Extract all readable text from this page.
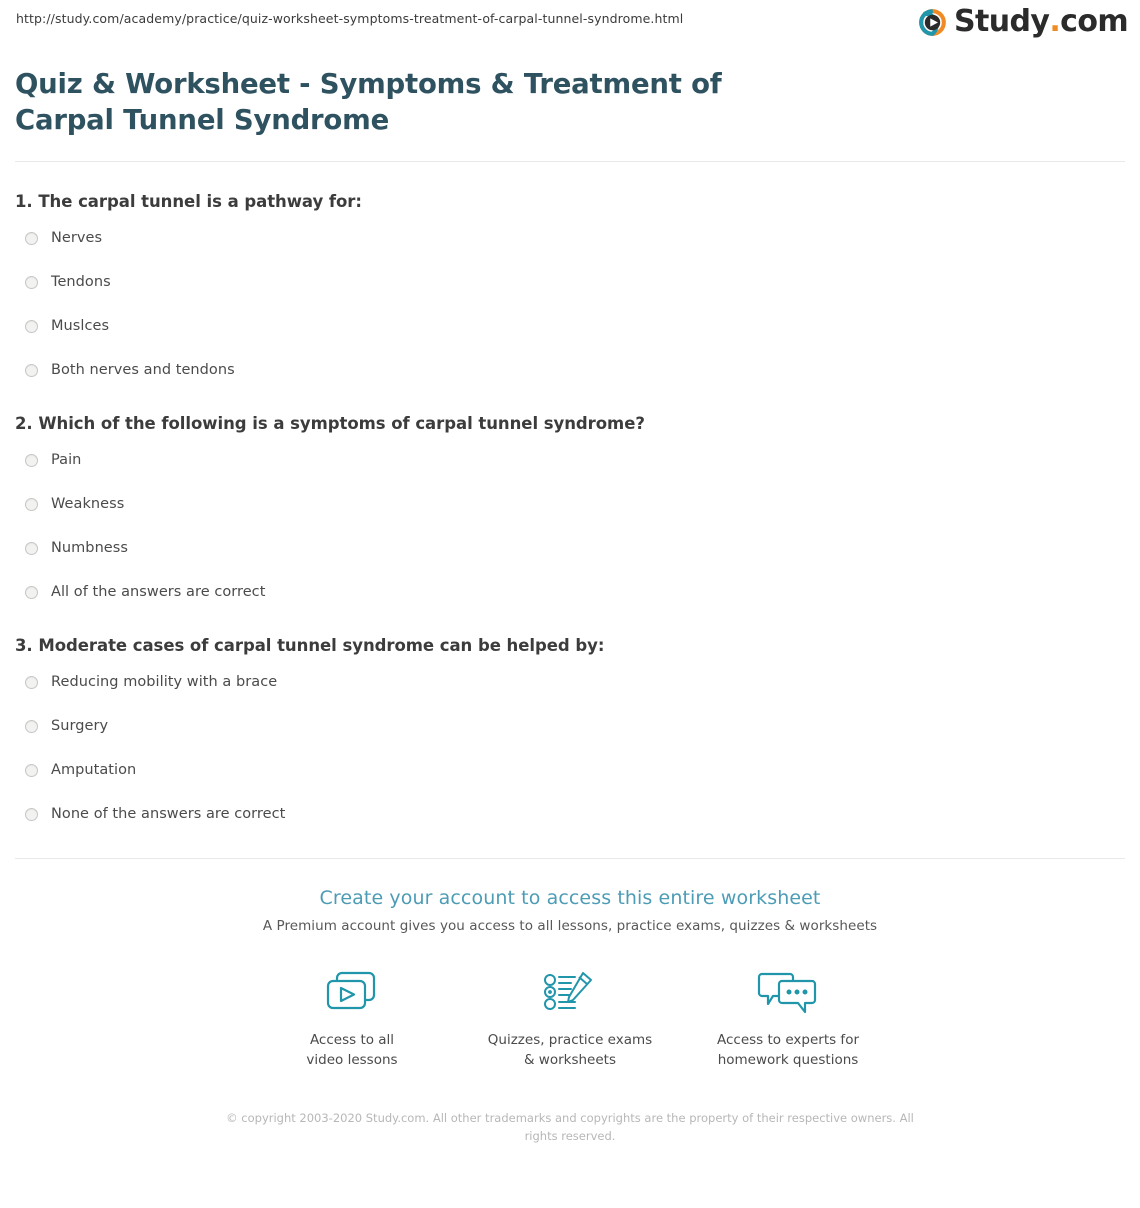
http://study.com/academy/practice/quiz-worksheet-symptoms-treatment-of-carpal-tunnel-syndrome.html	Study . com
Quiz & Worksheet - Symptoms & Treatment of Carpal Tunnel Syndrome

1. The carpal tunnel is a pathway for:

Nerves
Tendons
Muslces
Both nerves and tendons

2. Which of the following is a symptoms of carpal tunnel syndrome?

Pain
Weakness
Numbness
All of the answers are correct

3. Moderate cases of carpal tunnel syndrome can be helped by:

Reducing mobility with a brace
Surgery
Amputation
None of the answers are correct

Create your account to access this entire worksheet

A Premium account gives you access to all lessons, practice exams, quizzes & worksheets

Access to all
video lessons
Quizzes, practice exams
& worksheets
Access to experts for
homework questions
© copyright 2003-2020 Study.com. All other trademarks and copyrights are the property of their respective owners. All rights reserved.
